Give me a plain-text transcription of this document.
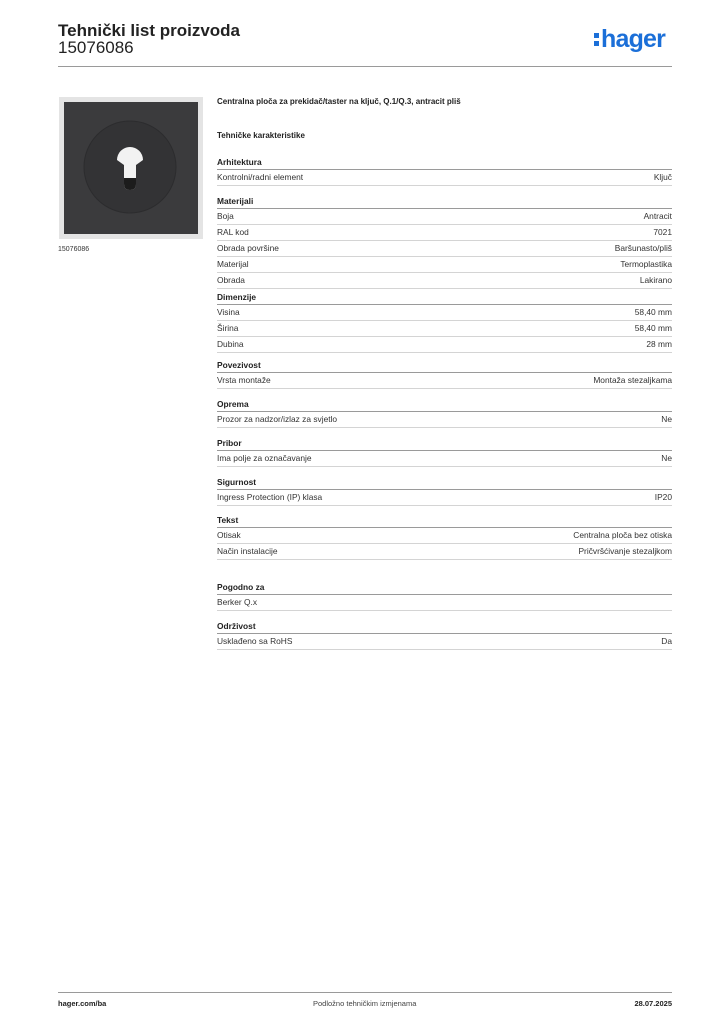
Tehnički list proizvoda
15076086	hager
15076086
Centralna ploča za prekidač/taster na ključ, Q.1/Q.3, antracit pliš
Tehničke karakteristike
Arhitektura
Kontrolni/radni element	Ključ
Materijali
Boja	Antracit
RAL kod	7021
Obrada površine	Baršunasto/pliš
Materijal	Termoplastika
Obrada	Lakirano
Dimenzije
Visina	58,40 mm
Širina	58,40 mm
Dubina	28 mm
Povezivost
Vrsta montaže	Montaža stezaljkama
Oprema
Prozor za nadzor/izlaz za svjetlo	Ne
Pribor
Ima polje za označavanje	Ne
Sigurnost
Ingress Protection (IP) klasa	IP20
Tekst
Otisak	Centralna ploča bez otiska
Način instalacije	Pričvršćivanje stezaljkom
Pogodno za
Berker Q.x
Održivost
Usklađeno sa RoHS	Da
hager.com/ba	Podložno tehničkim izmjenama	28.07.2025
